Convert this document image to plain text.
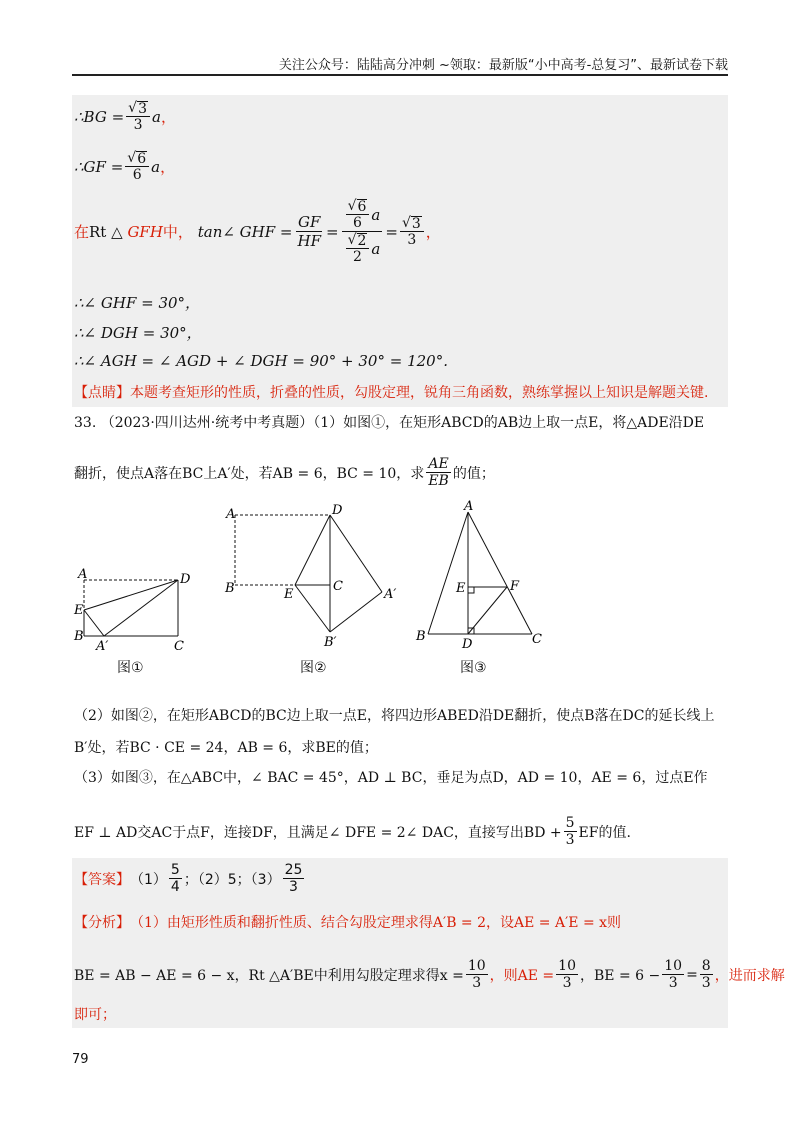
关注公众号：陆陆高分冲刺 ~领取：最新版“小中高考-总复习”、最新试卷下载
∴BG = $\frac{√ 3}{3}$ a ，
∴GF = $\frac{√ 6}{6}$ a ，
在 Rt △
GFH 中，
tan∠ GHF = $\frac{GF}{HF} = \frac{\frac{√ 6}{6} a}{\frac{√ 2}{2} a} = \frac{√ 3}{3}$ ，
∴∠ GHF = 30°，
∴∠ DGH = 30°，
∴∠ AGH = ∠ AGD + ∠ DGH = 90° + 30° = 120°.
【点睛】 本题考查矩形的性质，折叠的性质，勾股定理，锐角三角函数，熟练掌握以上知识是解题关键.
33. （2023·四川达州·统考中考真题）（1）如图①，在矩形ABCD的AB边上取一点E，将△ADE沿DE
翻折，使点A落在BC上A′处，若AB = 6，BC = 10，求 $\frac{AE}{EB}$ 的值；
A	D
E
B
A′	C
图①
A	D
B	E
C
A′
B′
图②
A
E	F
B
D	C
图③
（2）如图②，在矩形ABCD的BC边上取一点E，将四边形ABED沿DE翻折，使点B落在DC的延长线上
B′处，若BC · CE = 24，AB = 6，求BE的值；
（3）如图③，在△ABC中，∠ BAC = 45°，AD ⊥ BC，垂足为点D，AD = 10，AE = 6，过点E作
EF ⊥ AD交AC于点F，连接DF，且满足∠ DFE = 2∠ DAC，直接写出BD + $\frac{5}{3}$ EF的值.
【答案】 $(1) \frac{5}{4}$ ；（2）5；$(3) \frac{25}{3}$
【分析】 （1）由矩形性质和翻折性质、结合勾股定理求得A′B = 2，设AE = A′E = x则
BE = AB − AE = 6 − x，Rt △A′BE中利用勾股定理求得$x = \frac{10}{3}$ ，则AE = $\frac{10}{3}$ ，BE = $6 - \frac{10}{3} = \frac{8}{3}$ ，进而求解
即可；
79
